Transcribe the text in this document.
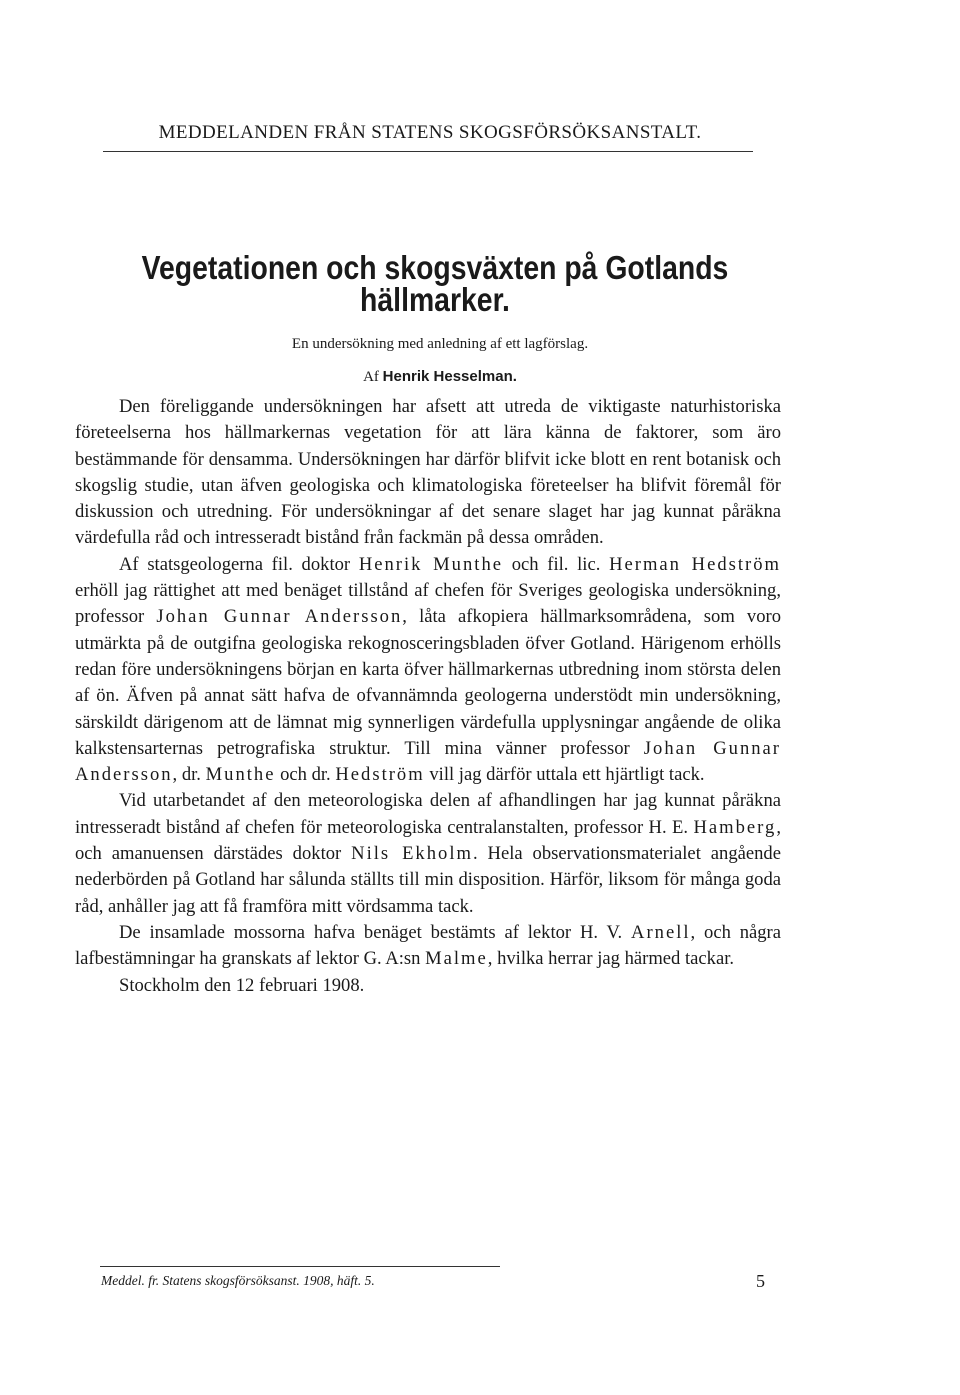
MEDDELANDEN FRÅN STATENS SKOGSFÖRSÖKSANSTALT.
Vegetationen och skogsväxten på Gotlands hällmarker.
En undersökning med anledning af ett lagförslag.
Af Henrik Hesselman.

Den föreliggande undersökningen har afsett att utreda de viktigaste naturhistoriska företeelserna hos hällmarkernas vegetation för att lära känna de faktorer, som äro bestämmande för densamma. Undersökningen har därför blifvit icke blott en rent botanisk och skogslig studie, utan äfven geologiska och klimatologiska företeelser ha blifvit föremål för diskussion och utredning. För undersökningar af det senare slaget har jag kunnat påräkna värdefulla råd och intresseradt bistånd från fackmän på dessa områden.

Af statsgeologerna fil. doktor Henrik Munthe och fil. lic. Herman Hedström erhöll jag rättighet att med benäget tillstånd af chefen för Sveriges geologiska undersökning, professor Johan Gunnar Andersson, låta afkopiera hällmarksområdena, som voro utmärkta på de outgifna geologiska rekognosceringsbladen öfver Gotland. Härigenom erhölls redan före undersökningens början en karta öfver hällmarkernas utbredning inom största delen af ön. Äfven på annat sätt hafva de ofvannämnda geologerna understödt min undersökning, särskildt därigenom att de lämnat mig synnerligen värdefulla upplysningar angående de olika kalkstensarternas petrografiska struktur. Till mina vänner professor Johan Gunnar Andersson, dr. Munthe och dr. Hedström vill jag därför uttala ett hjärtligt tack.

Vid utarbetandet af den meteorologiska delen af afhandlingen har jag kunnat påräkna intresseradt bistånd af chefen för meteorologiska centralanstalten, professor H. E. Hamberg, och amanuensen därstädes doktor Nils Ekholm. Hela observationsmaterialet angående nederbörden på Gotland har sålunda ställts till min disposition. Härför, liksom för många goda råd, anhåller jag att få framföra mitt vördsamma tack.

De insamlade mossorna hafva benäget bestämts af lektor H. V. Arnell, och några lafbestämningar ha granskats af lektor G. A:sn Malme, hvilka herrar jag härmed tackar.

Stockholm den 12 februari 1908.

Meddel. fr. Statens skogsförsöksanst. 1908, häft. 5.	5
